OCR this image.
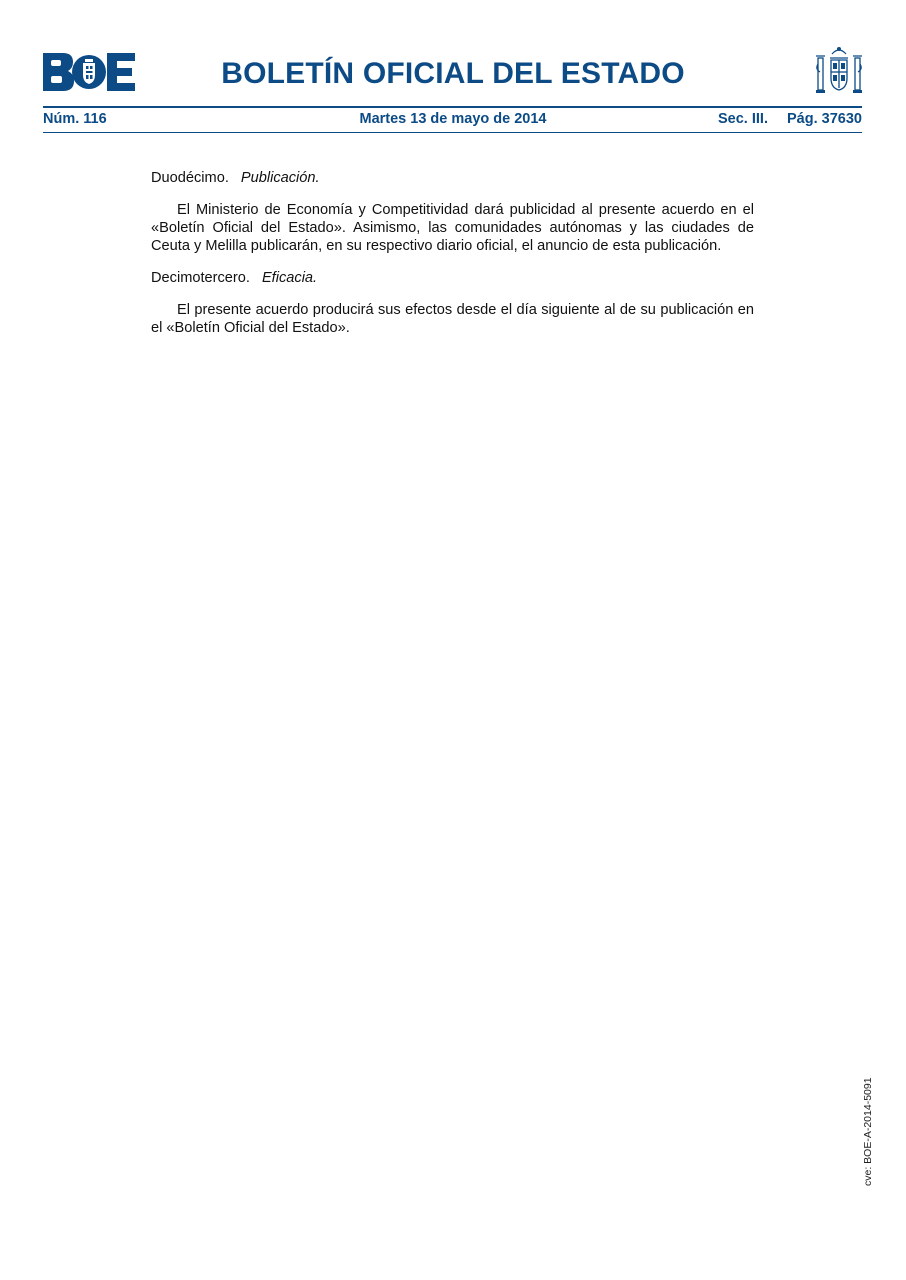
BOLETÍN OFICIAL DEL ESTADO
Núm. 116	Martes 13 de mayo de 2014	Sec. III. Pág. 37630

Duodécimo. Publicación.

El Ministerio de Economía y Competitividad dará publicidad al presente acuerdo en el «Boletín Oficial del Estado». Asimismo, las comunidades autónomas y las ciudades de Ceuta y Melilla publicarán, en su respectivo diario oficial, el anuncio de esta publicación.

Decimotercero. Eficacia.

El presente acuerdo producirá sus efectos desde el día siguiente al de su publicación en el «Boletín Oficial del Estado».

cve: BOE-A-2014-5091
